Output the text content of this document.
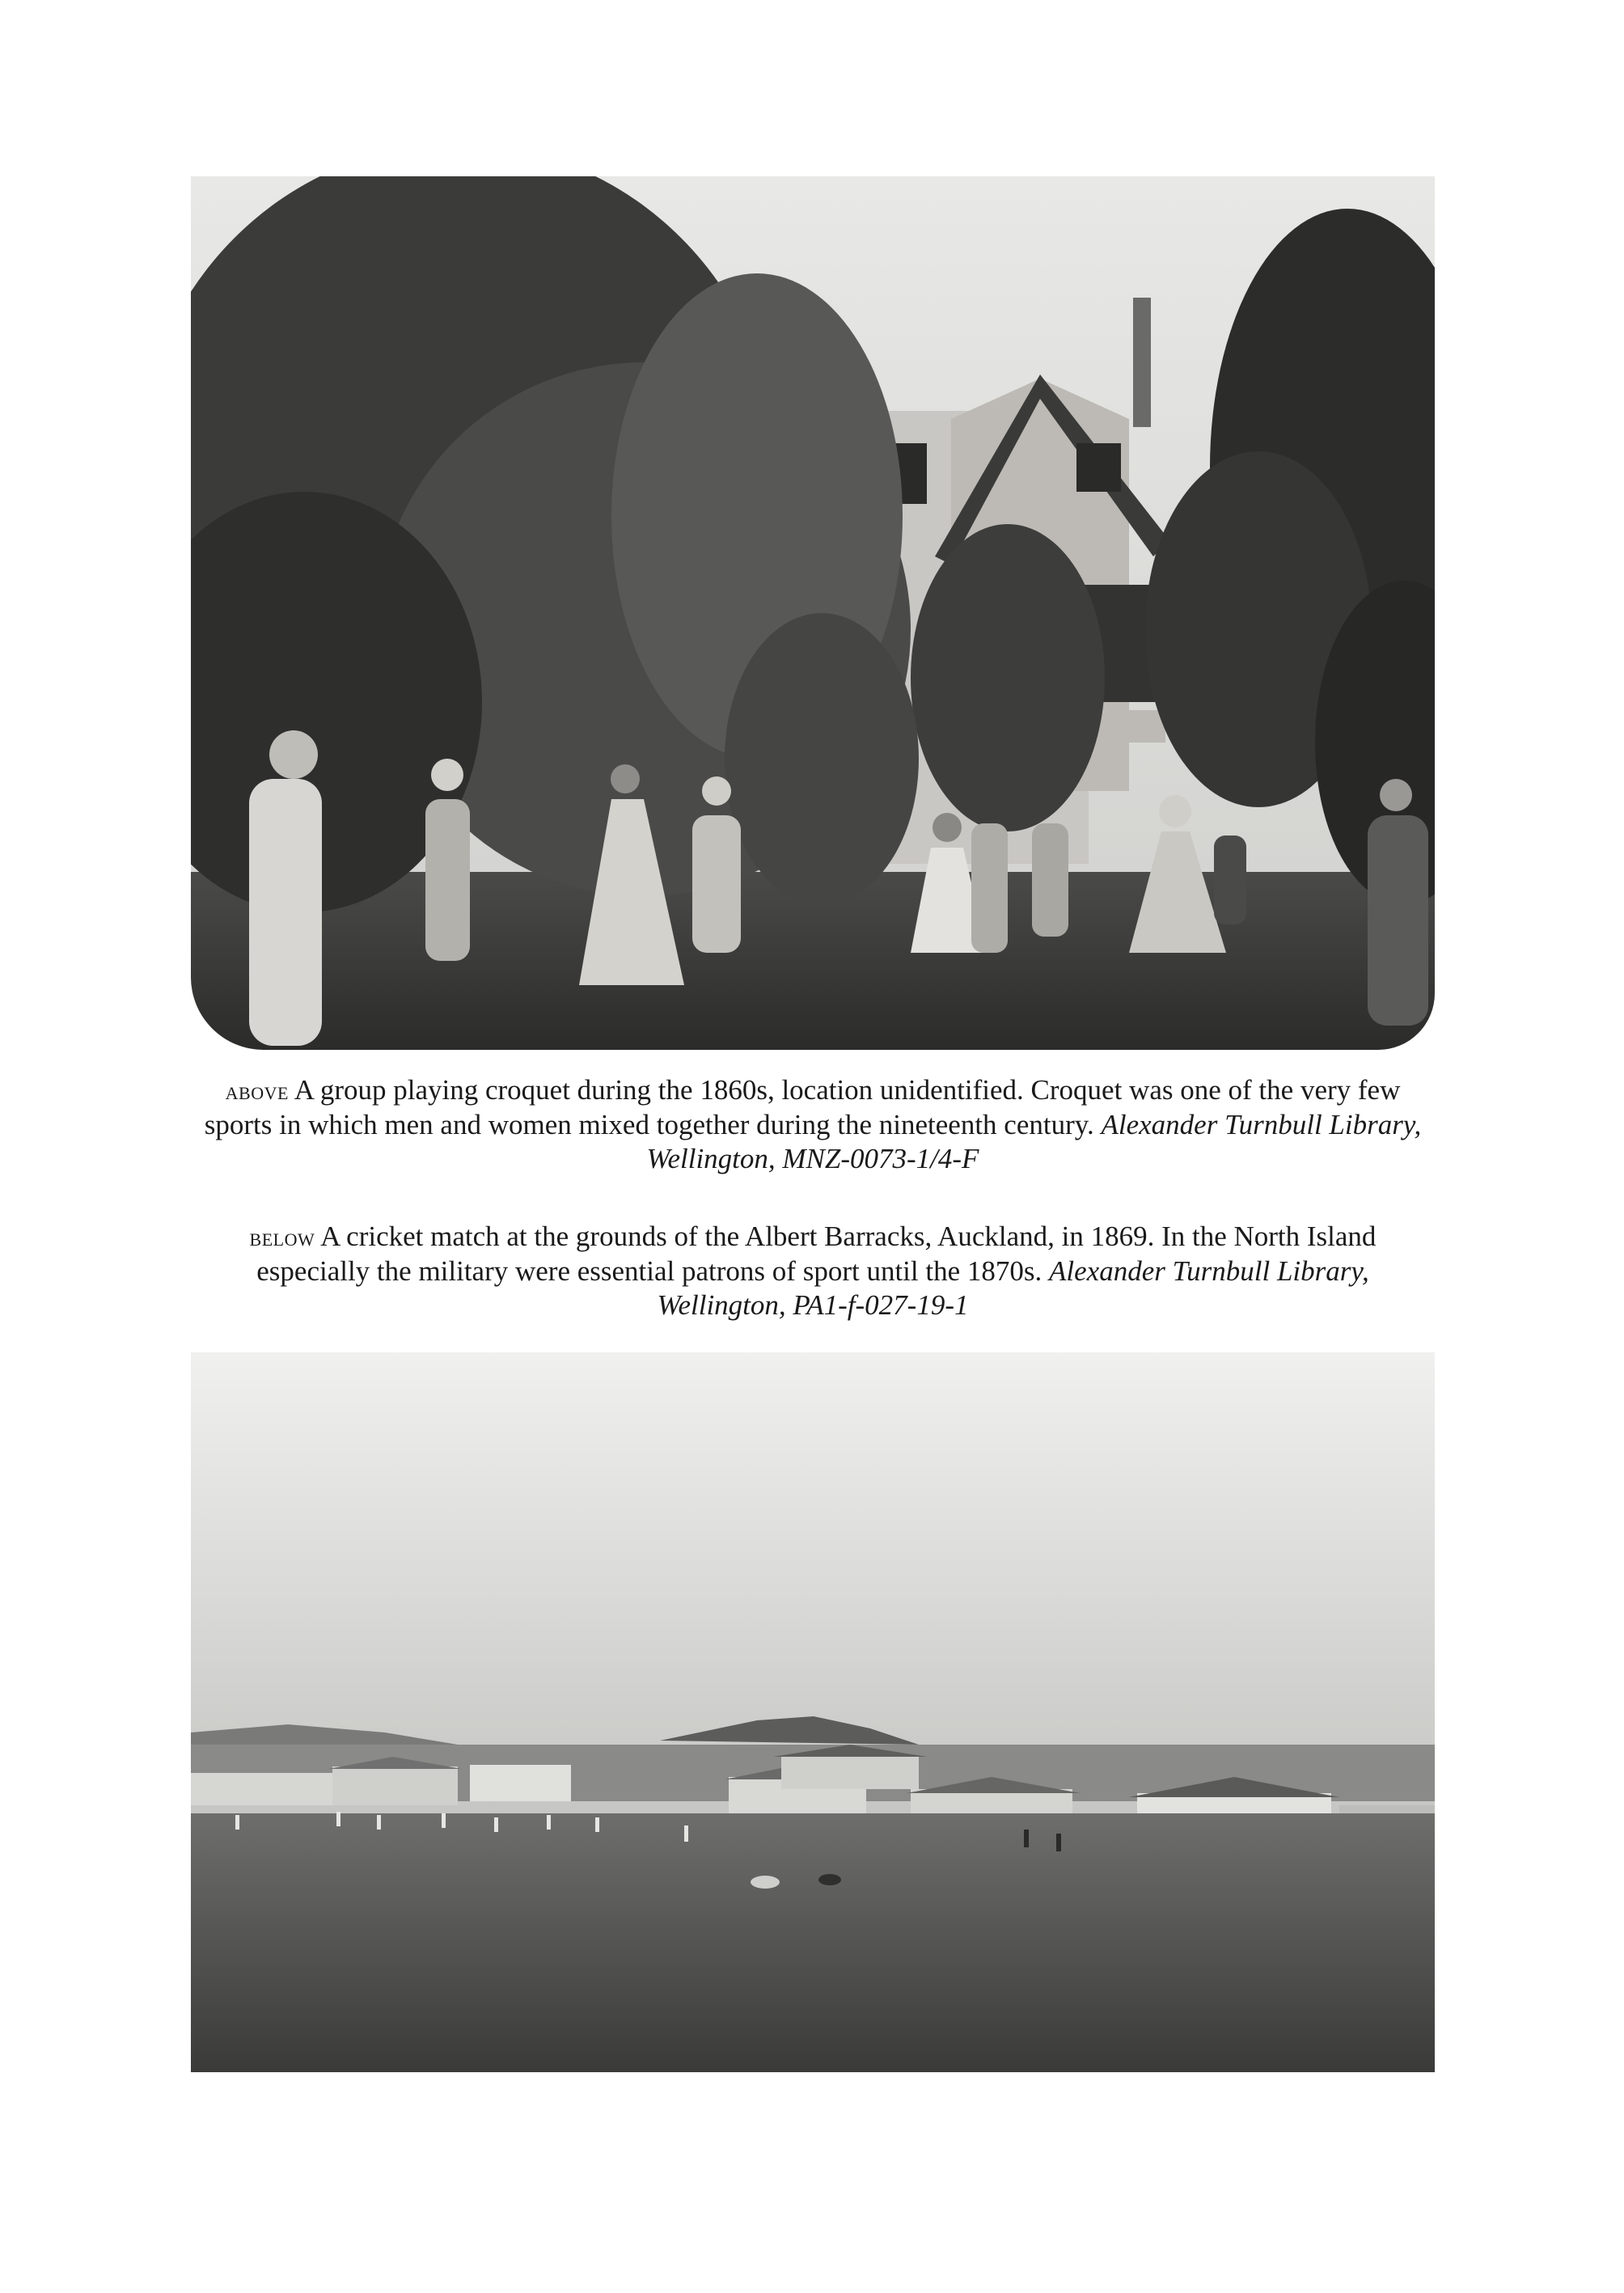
above A group playing croquet during the 1860s, location unidentified. Croquet was one of the very few sports in which men and women mixed together during the nineteenth century. Alexander Turnbull Library, Wellington, MNZ-0073-1/4-F
below A cricket match at the grounds of the Albert Barracks, Auckland, in 1869. In the North Island especially the military were essential patrons of sport until the 1870s. Alexander Turnbull Library, Wellington, PA1-f-027-19-1
